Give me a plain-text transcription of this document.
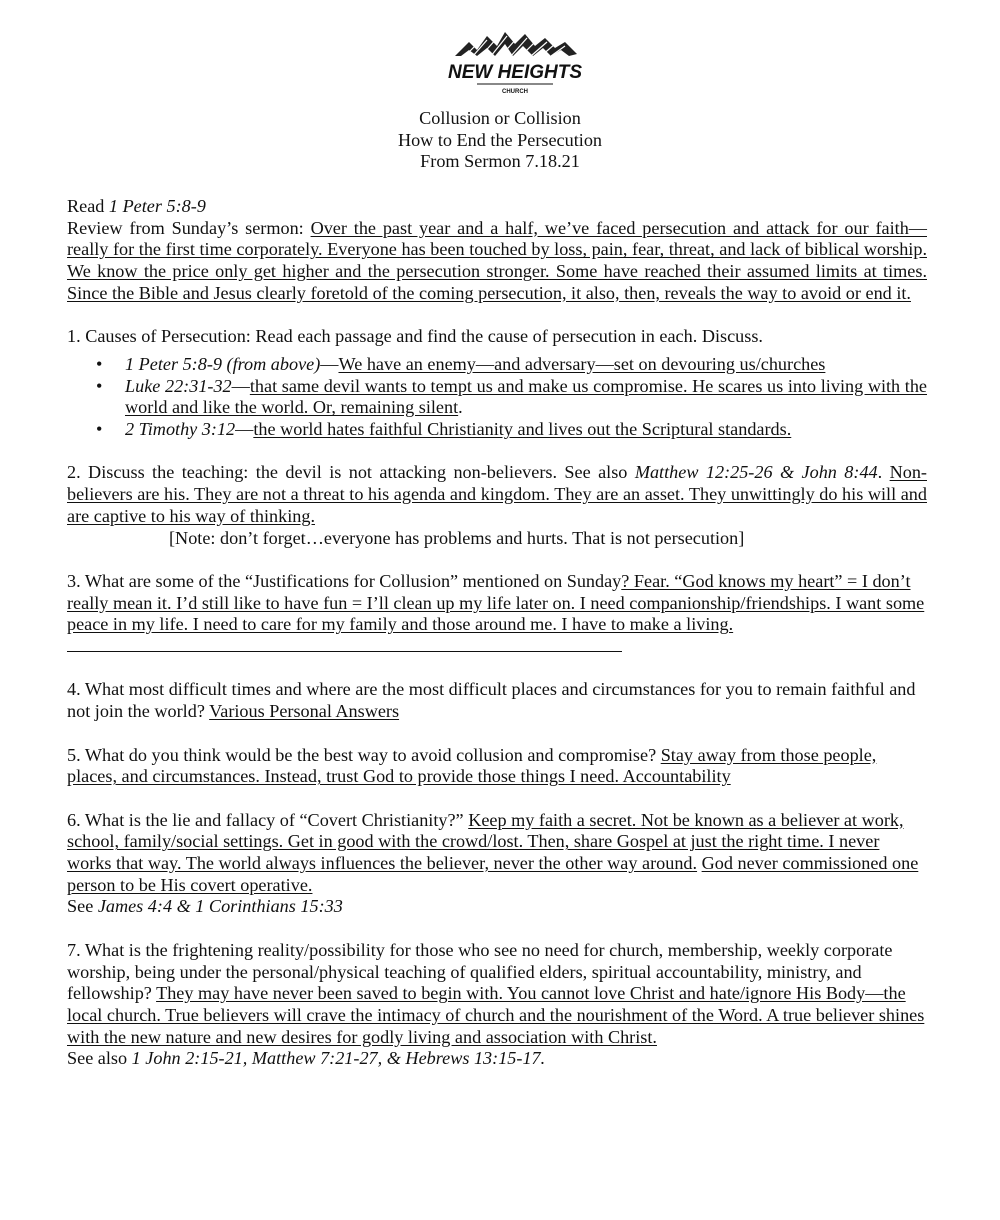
NEW HEIGHTS
CHURCH
Collusion or Collision
How to End the Persecution
From Sermon 7.18.21

Read 1 Peter 5:8-9

Review from Sunday’s sermon: Over the past year and a half, we’ve faced persecution and attack for our faith—really for the first time corporately. Everyone has been touched by loss, pain, fear, threat, and lack of biblical worship. We know the price only get higher and the persecution stronger. Some have reached their assumed limits at times. Since the Bible and Jesus clearly foretold of the coming persecution, it also, then, reveals the way to avoid or end it.

1. Causes of Persecution: Read each passage and find the cause of persecution in each. Discuss.

• 1 Peter 5:8-9 (from above)—We have an enemy—and adversary—set on devouring us/churches
• Luke 22:31-32—that same devil wants to tempt us and make us compromise. He scares us into living with the world and like the world. Or, remaining silent.
• 2 Timothy 3:12—the world hates faithful Christianity and lives out the Scriptural standards.

2. Discuss the teaching: the devil is not attacking non-believers. See also Matthew 12:25-26 & John 8:44. Non-believers are his. They are not a threat to his agenda and kingdom. They are an asset. They unwittingly do his will and are captive to his way of thinking.

[Note: don’t forget…everyone has problems and hurts. That is not persecution]

3. What are some of the “Justifications for Collusion” mentioned on Sunday? Fear. “God knows my heart” = I don’t really mean it. I’d still like to have fun = I’ll clean up my life later on. I need companionship/friendships. I want some peace in my life. I need to care for my family and those around me. I have to make a living.

4. What most difficult times and where are the most difficult places and circumstances for you to remain faithful and not join the world? Various Personal Answers

5. What do you think would be the best way to avoid collusion and compromise? Stay away from those people, places, and circumstances. Instead, trust God to provide those things I need. Accountability

6. What is the lie and fallacy of “Covert Christianity?” Keep my faith a secret. Not be known as a believer at work, school, family/social settings. Get in good with the crowd/lost. Then, share Gospel at just the right time. I never works that way. The world always influences the believer, never the other way around. God never commissioned one person to be His covert operative.

See James 4:4 & 1 Corinthians 15:33

7. What is the frightening reality/possibility for those who see no need for church, membership, weekly corporate worship, being under the personal/physical teaching of qualified elders, spiritual accountability, ministry, and fellowship? They may have never been saved to begin with. You cannot love Christ and hate/ignore His Body—the local church. True believers will crave the intimacy of church and the nourishment of the Word. A true believer shines with the new nature and new desires for godly living and association with Christ.

See also 1 John 2:15-21, Matthew 7:21-27, & Hebrews 13:15-17.
